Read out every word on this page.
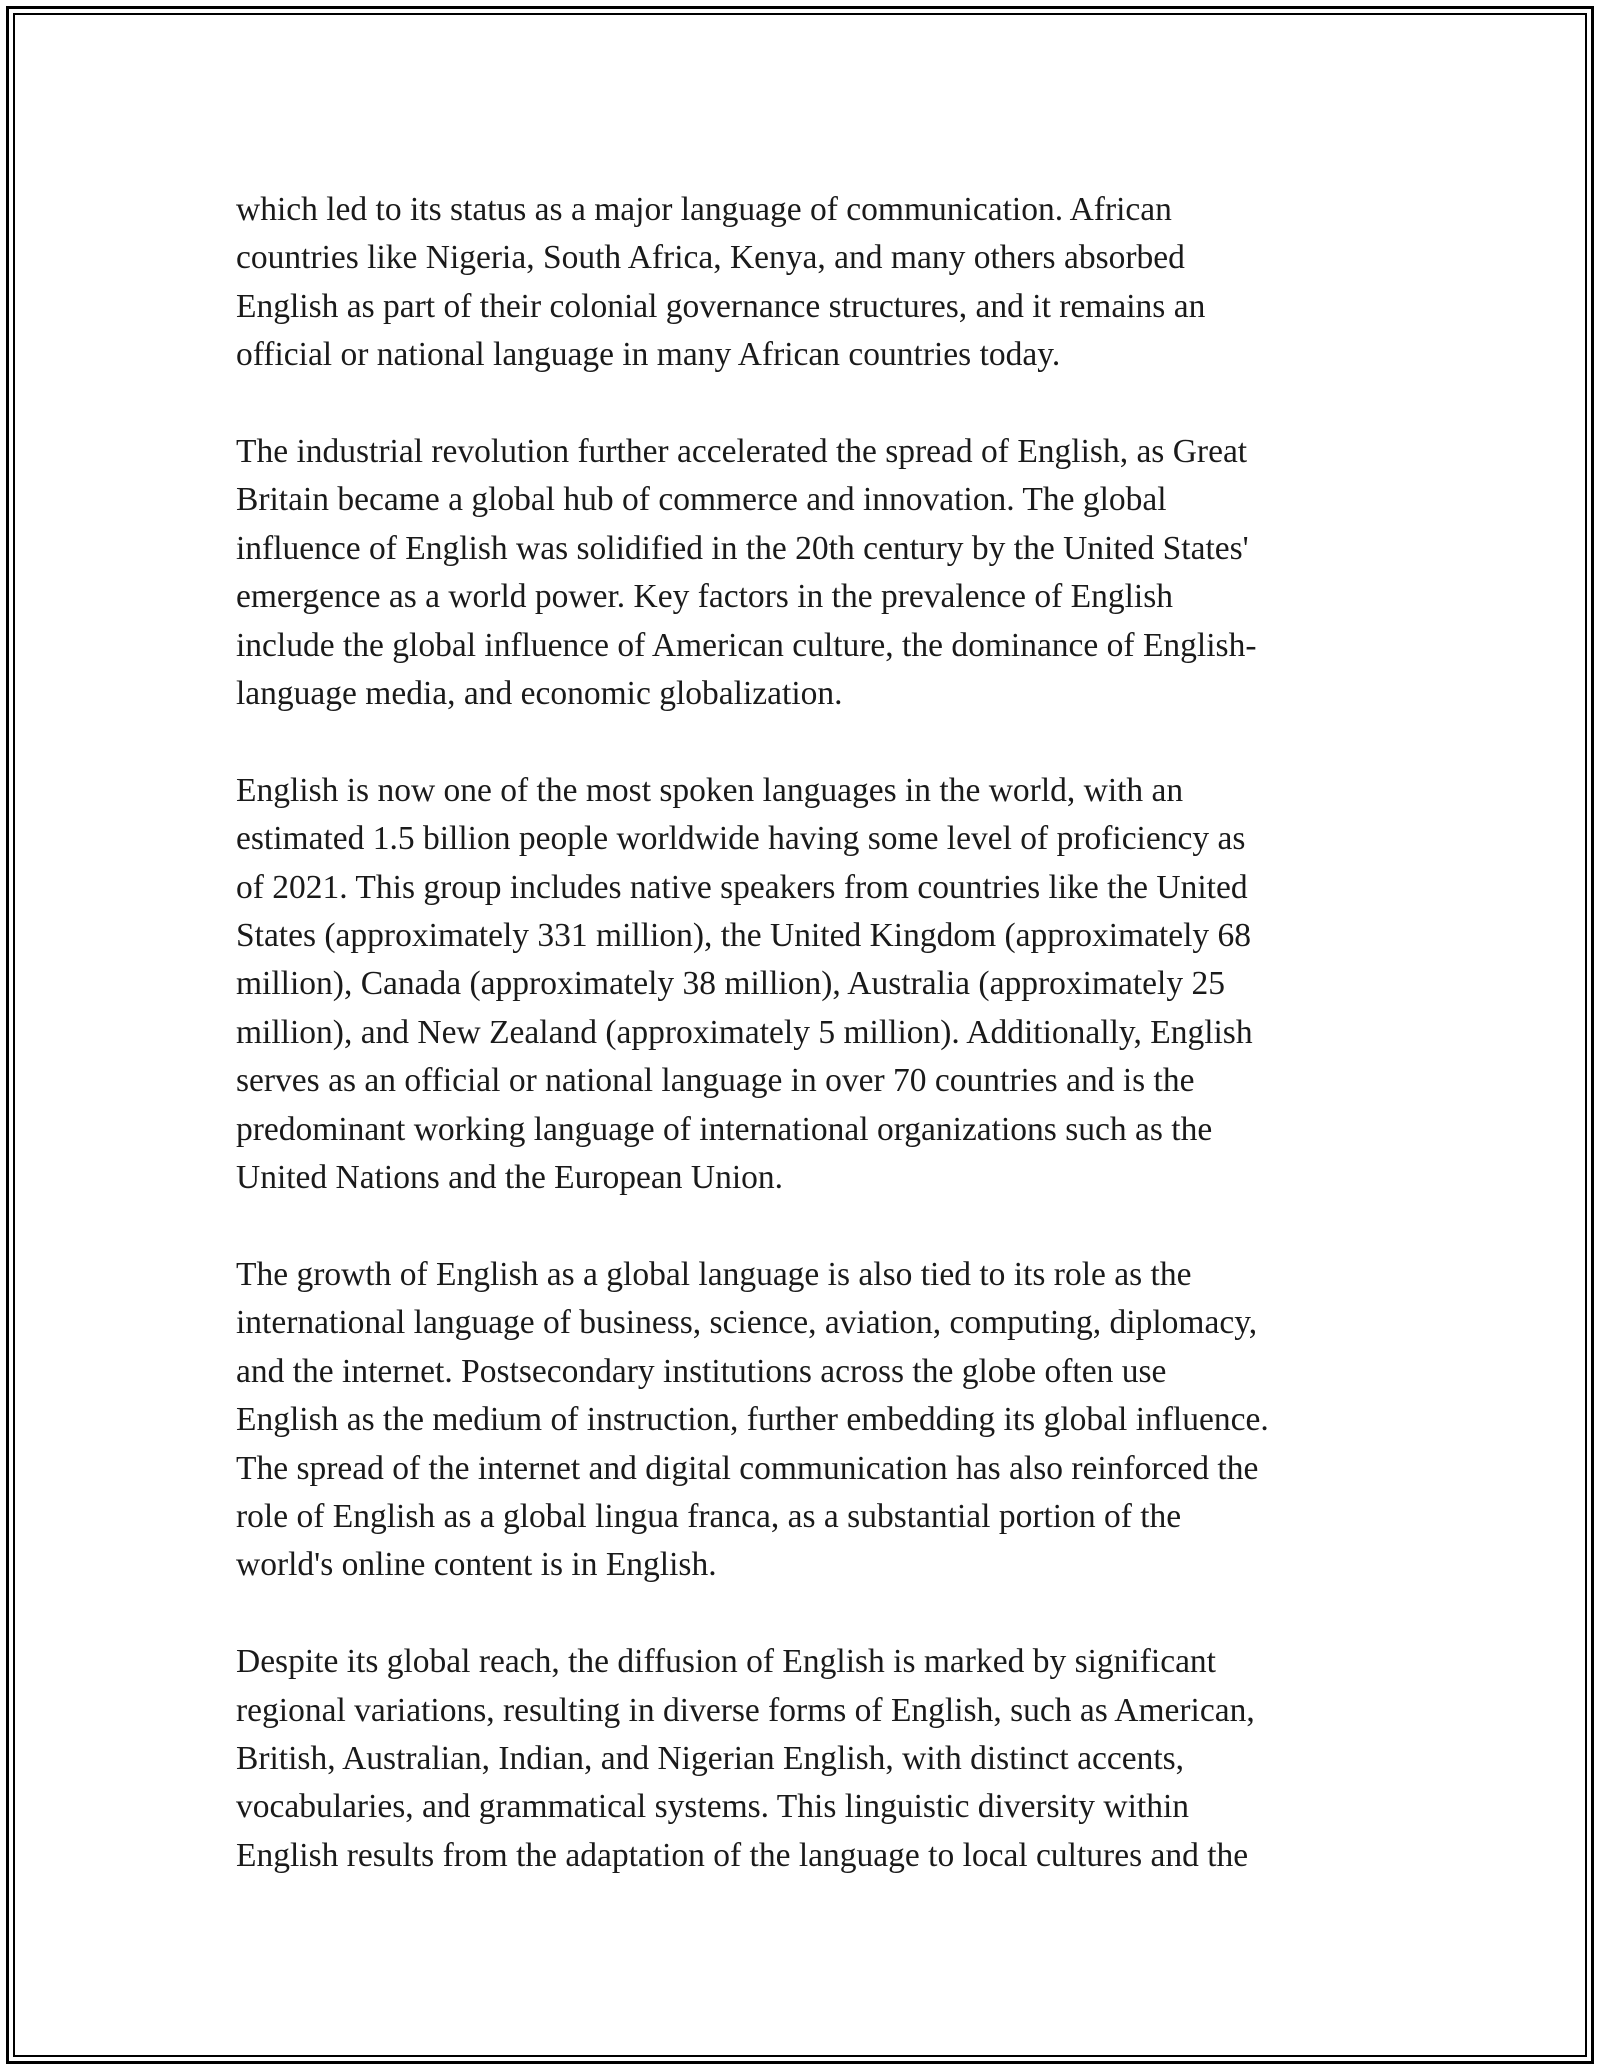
which led to its status as a major language of communication. African
countries like Nigeria, South Africa, Kenya, and many others absorbed
English as part of their colonial governance structures, and it remains an
official or national language in many African countries today.

The industrial revolution further accelerated the spread of English, as Great
Britain became a global hub of commerce and innovation. The global
influence of English was solidified in the 20th century by the United States'
emergence as a world power. Key factors in the prevalence of English
include the global influence of American culture, the dominance of English-
language media, and economic globalization.

English is now one of the most spoken languages in the world, with an
estimated 1.5 billion people worldwide having some level of proficiency as
of 2021. This group includes native speakers from countries like the United
States (approximately 331 million), the United Kingdom (approximately 68
million), Canada (approximately 38 million), Australia (approximately 25
million), and New Zealand (approximately 5 million). Additionally, English
serves as an official or national language in over 70 countries and is the
predominant working language of international organizations such as the
United Nations and the European Union.

The growth of English as a global language is also tied to its role as the
international language of business, science, aviation, computing, diplomacy,
and the internet. Postsecondary institutions across the globe often use
English as the medium of instruction, further embedding its global influence.
The spread of the internet and digital communication has also reinforced the
role of English as a global lingua franca, as a substantial portion of the
world's online content is in English.

Despite its global reach, the diffusion of English is marked by significant
regional variations, resulting in diverse forms of English, such as American,
British, Australian, Indian, and Nigerian English, with distinct accents,
vocabularies, and grammatical systems. This linguistic diversity within
English results from the adaptation of the language to local cultures and the
